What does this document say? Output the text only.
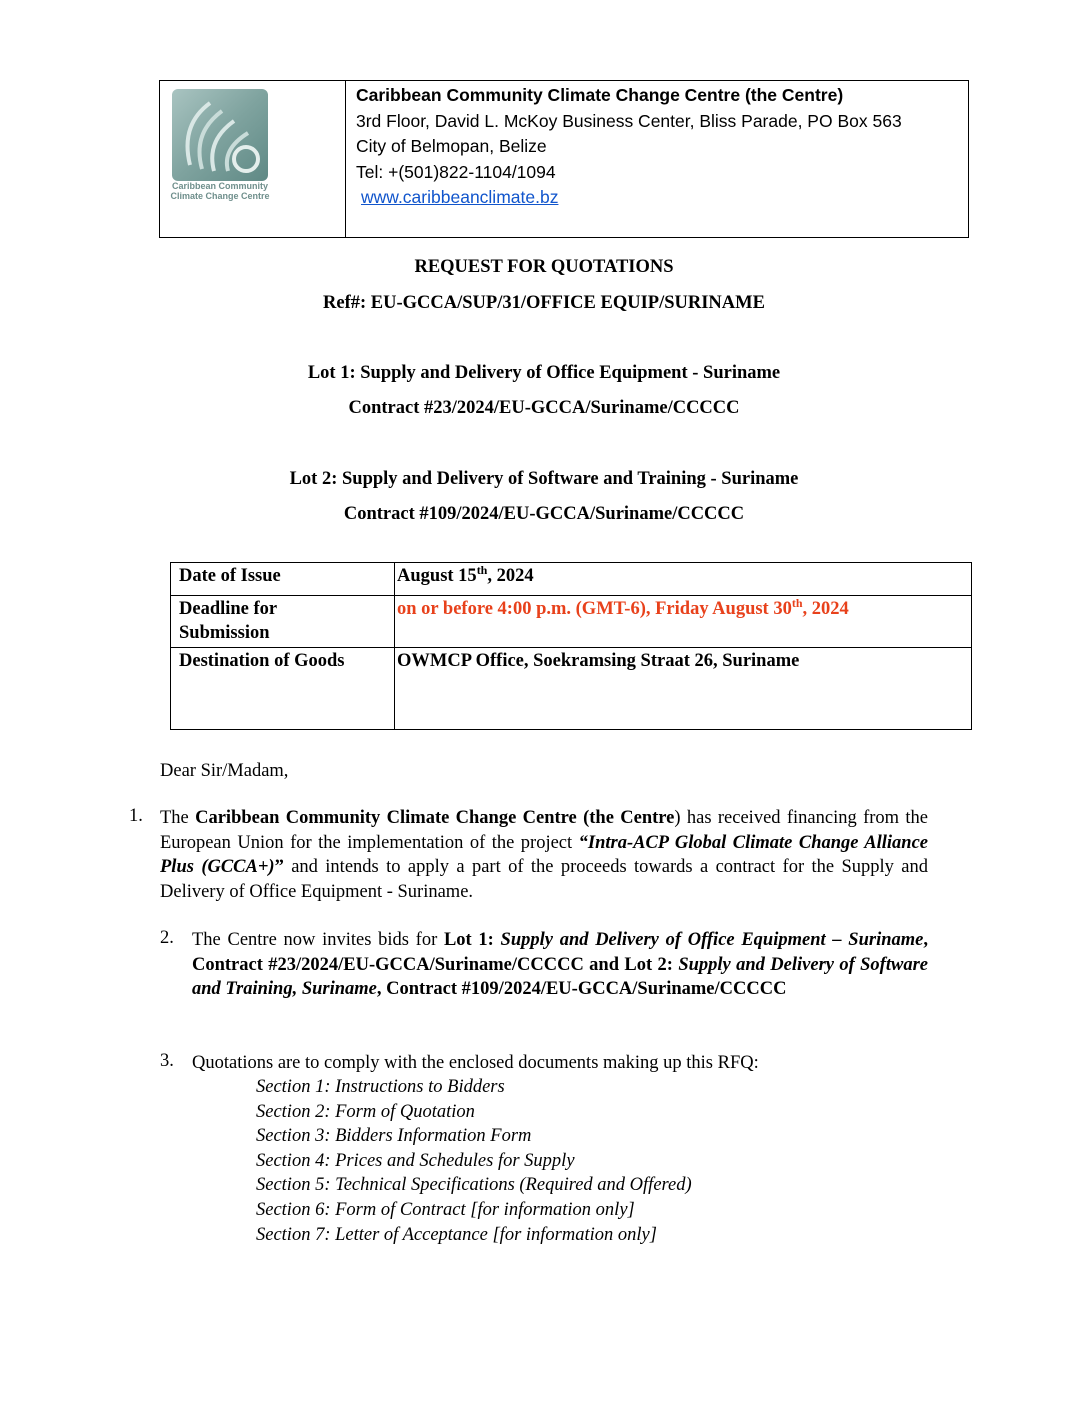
Caribbean Community
Climate Change Centre
Caribbean Community Climate Change Centre (the Centre)
3rd Floor, David L. McKoy Business Center, Bliss Parade, PO Box 563
City of Belmopan, Belize
Tel: +(501)822-1104/1094
www.caribbeanclimate.bz
REQUEST FOR QUOTATIONS
Ref#: EU-GCCA/SUP/31/OFFICE EQUIP/SURINAME
Lot 1: Supply and Delivery of Office Equipment - Suriname
Contract #23/2024/EU-GCCA/Suriname/CCCCC
Lot 2: Supply and Delivery of Software and Training - Suriname
Contract #109/2024/EU-GCCA/Suriname/CCCCC
Date of Issue	August 15th, 2024

Deadline for
Submission	on or before 4:00 p.m. (GMT-6), Friday August 30th, 2024
Destination of Goods	OWMCP Office, Soekramsing Straat 26, Suriname
Dear Sir/Madam,
1. The Caribbean Community Climate Change Centre (the Centre) has received financing from the European Union for the implementation of the project “Intra-ACP Global Climate Change Alliance Plus (GCCA+)” and intends to apply a part of the proceeds towards a contract for the Supply and Delivery of Office Equipment - Suriname.
2. The Centre now invites bids for Lot 1: Supply and Delivery of Office Equipment – Suriname, Contract #23/2024/EU-GCCA/Suriname/CCCCC and Lot 2: Supply and Delivery of Software and Training, Suriname, Contract #109/2024/EU-GCCA/Suriname/CCCCC
3. Quotations are to comply with the enclosed documents making up this RFQ:
Section 1: Instructions to Bidders
Section 2: Form of Quotation
Section 3: Bidders Information Form
Section 4: Prices and Schedules for Supply
Section 5: Technical Specifications (Required and Offered)
Section 6: Form of Contract [for information only]
Section 7: Letter of Acceptance [for information only]
